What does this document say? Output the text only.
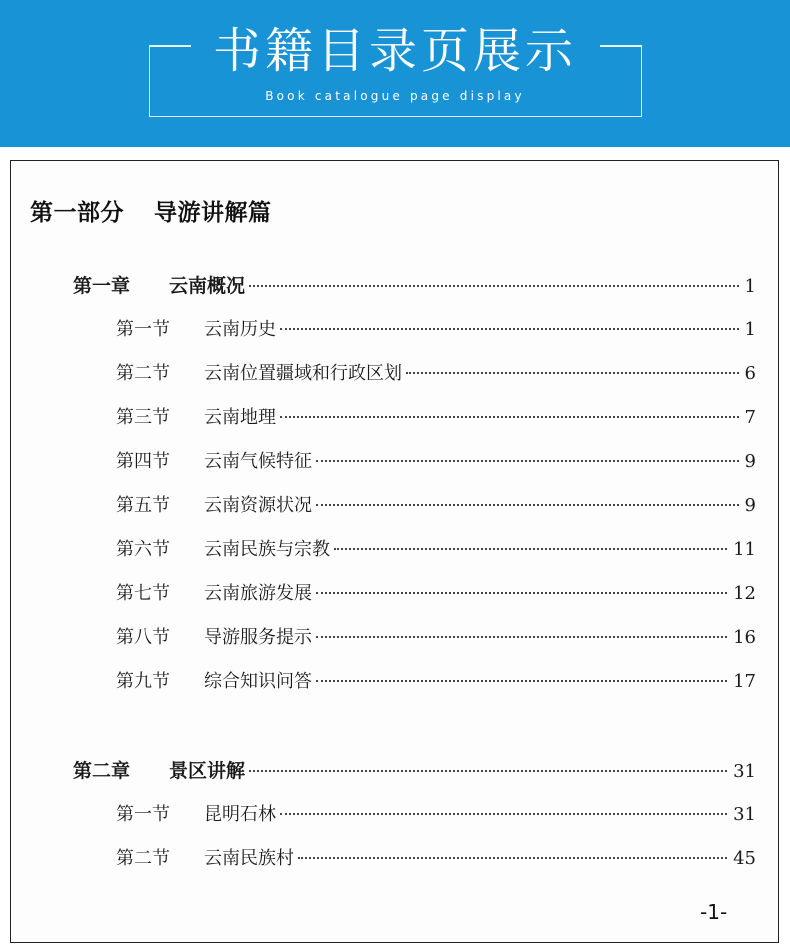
书籍目录页展示
Book catalogue page display
第一部分 导游讲解篇
第一章	云南概况	1
第一节	云南历史	1
第二节	云南位置疆域和行政区划	6
第三节	云南地理	7
第四节	云南气候特征	9
第五节	云南资源状况	9
第六节	云南民族与宗教	11
第七节	云南旅游发展	12
第八节	导游服务提示	16
第九节	综合知识问答	17
第二章	景区讲解	31
第一节	昆明石林	31
第二节	云南民族村	45
-1-
